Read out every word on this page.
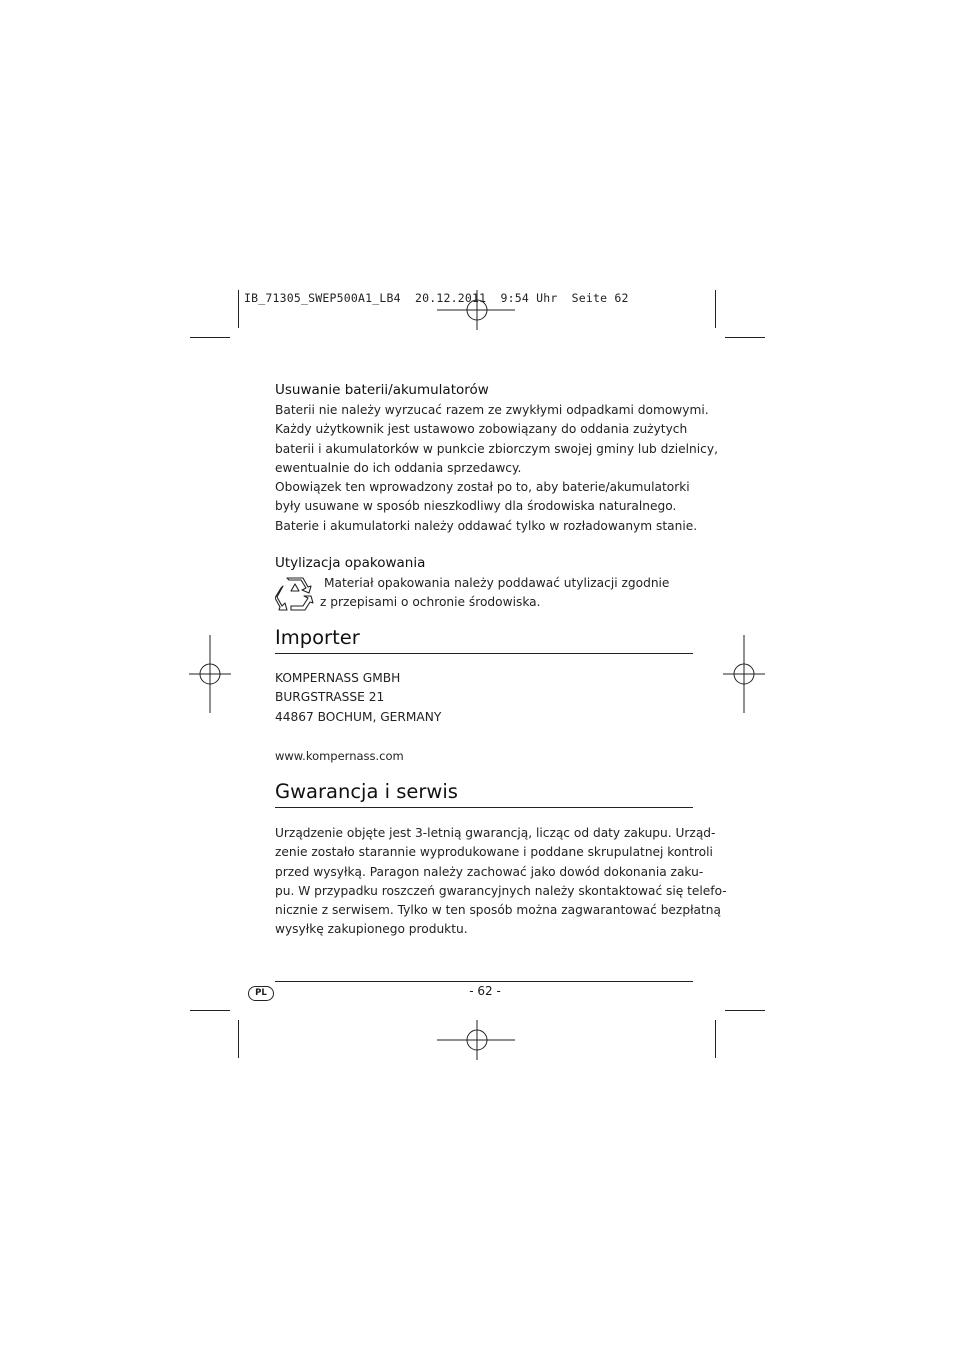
IB_71305_SWEP500A1_LB4  20.12.2011  9:54 Uhr  Seite 62
Usuwanie baterii/akumulatorów
Baterii nie należy wyrzucać razem ze zwykłymi odpadkami domowymi.
Każdy użytkownik jest ustawowo zobowiązany do oddania zużytych
baterii i akumulatorków w punkcie zbiorczym swojej gminy lub dzielnicy,
ewentualnie do ich oddania sprzedawcy.
Obowiązek ten wprowadzony został po to, aby baterie/akumulatorki
były usuwane w sposób nieszkodliwy dla środowiska naturalnego.
Baterie i akumulatorki należy oddawać tylko w rozładowanym stanie.
Utylizacja opakowania
Materiał opakowania należy poddawać utylizacji zgodnie
z przepisami o ochronie środowiska.
Importer
KOMPERNASS GMBH
BURGSTRASSE 21
44867 BOCHUM, GERMANY
www.kompernass.com
Gwarancja i serwis
Urządzenie objęte jest 3-letnią gwarancją, licząc od daty zakupu. Urząd-
zenie zostało starannie wyprodukowane i poddane skrupulatnej kontroli
przed wysyłką. Paragon należy zachować jako dowód dokonania zaku-
pu. W przypadku roszczeń gwarancyjnych należy skontaktować się telefo-
nicznie z serwisem. Tylko w ten sposób można zagwarantować bezpłatną
wysyłkę zakupionego produktu.
PL	- 62 -
